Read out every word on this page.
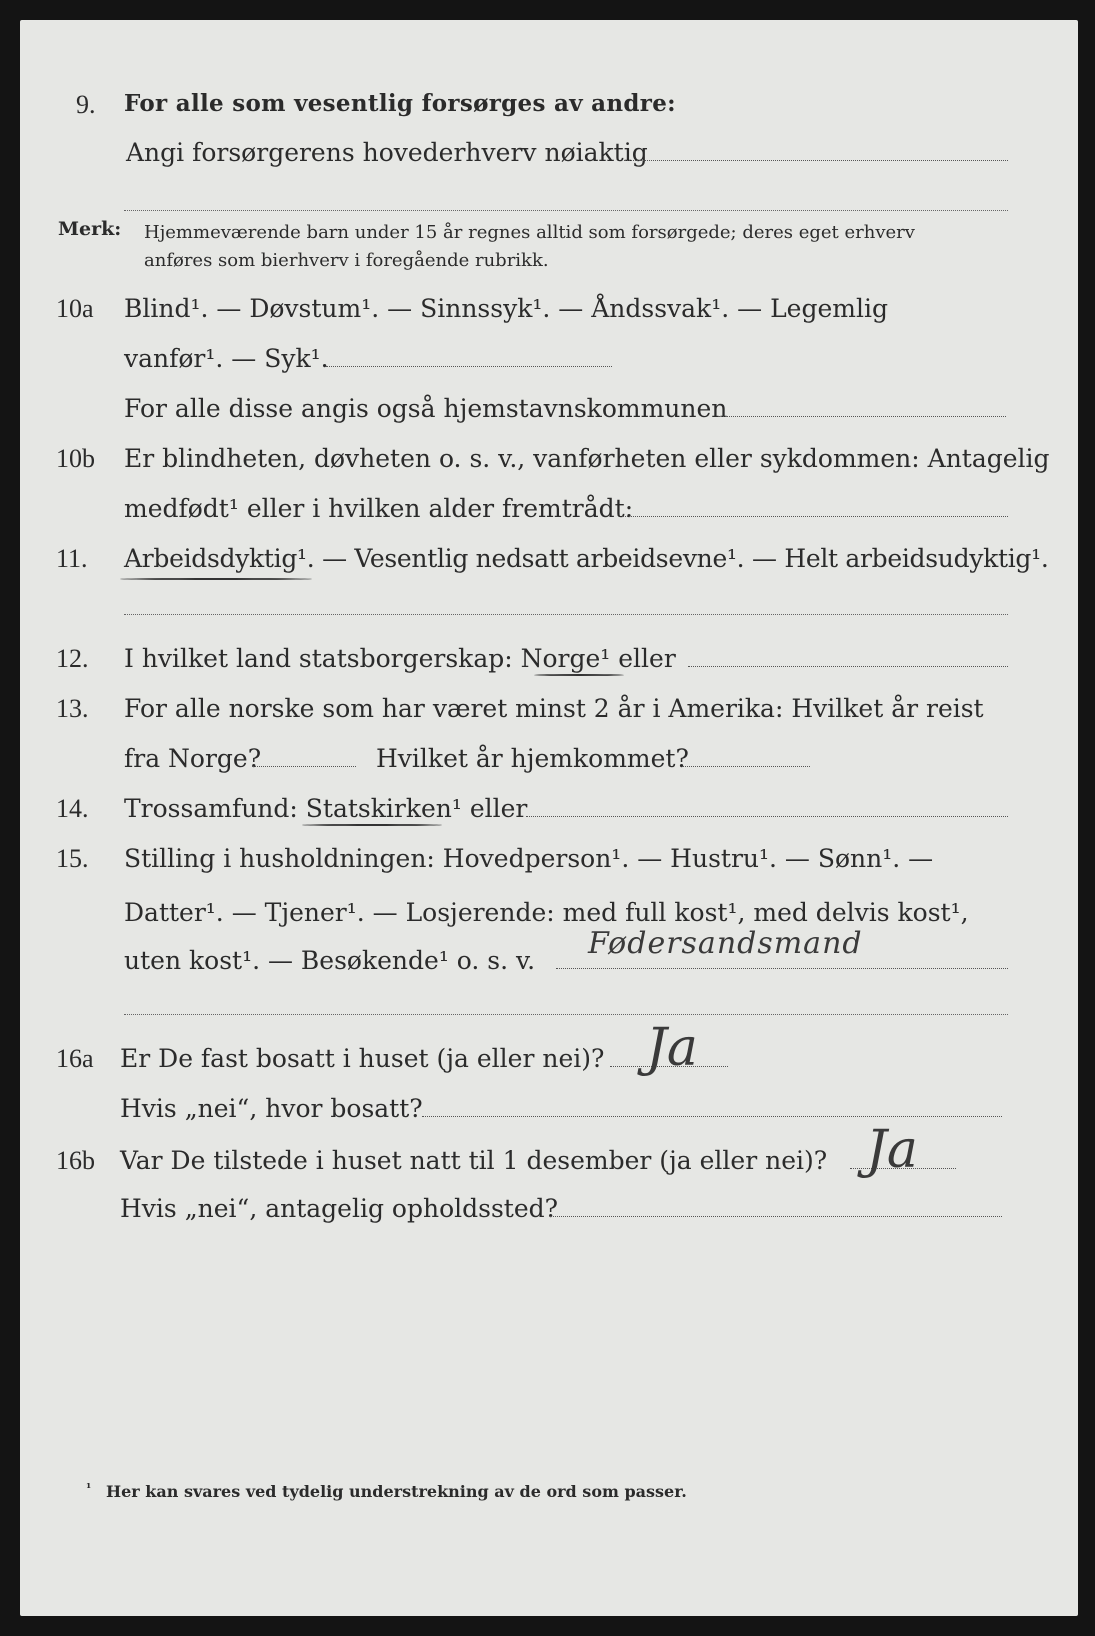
9. For alle som vesentlig forsørges av andre:
Angi forsørgerens hovederhverv nøiaktig
Merk: Hjemmeværende barn under 15 år regnes alltid som forsørgede; deres eget erhverv
anføres som bierhverv i foregående rubrikk.
10a Blind¹. — Døvstum¹. — Sinnssyk¹. — Åndssvak¹. — Legemlig
vanfør¹. — Syk¹.
For alle disse angis også hjemstavnskommunen
10b Er blindheten, døvheten o. s. v., vanførheten eller sykdommen: Antagelig
medfødt¹ eller i hvilken alder fremtrådt:
11. Arbeidsdyktig¹. — Vesentlig nedsatt arbeidsevne¹. — Helt arbeidsudyktig¹.
12. I hvilket land statsborgerskap: Norge¹ eller
13. For alle norske som har været minst 2 år i Amerika: Hvilket år reist
fra Norge?	Hvilket år hjemkommet?
14. Trossamfund: Statskirken¹ eller
15. Stilling i husholdningen: Hovedperson¹. — Hustru¹. — Sønn¹. —
Datter¹. — Tjener¹. — Losjerende: med full kost¹, med delvis kost¹,
uten kost¹. — Besøkende¹ o. s. v. Fødersandsmand
16a Er De fast bosatt i huset (ja eller nei)? Ja
Hvis „nei“, hvor bosatt?
16b Var De tilstede i huset natt til 1 desember (ja eller nei)? Ja
Hvis „nei“, antagelig opholdssted?
¹ Her kan svares ved tydelig understrekning av de ord som passer.
